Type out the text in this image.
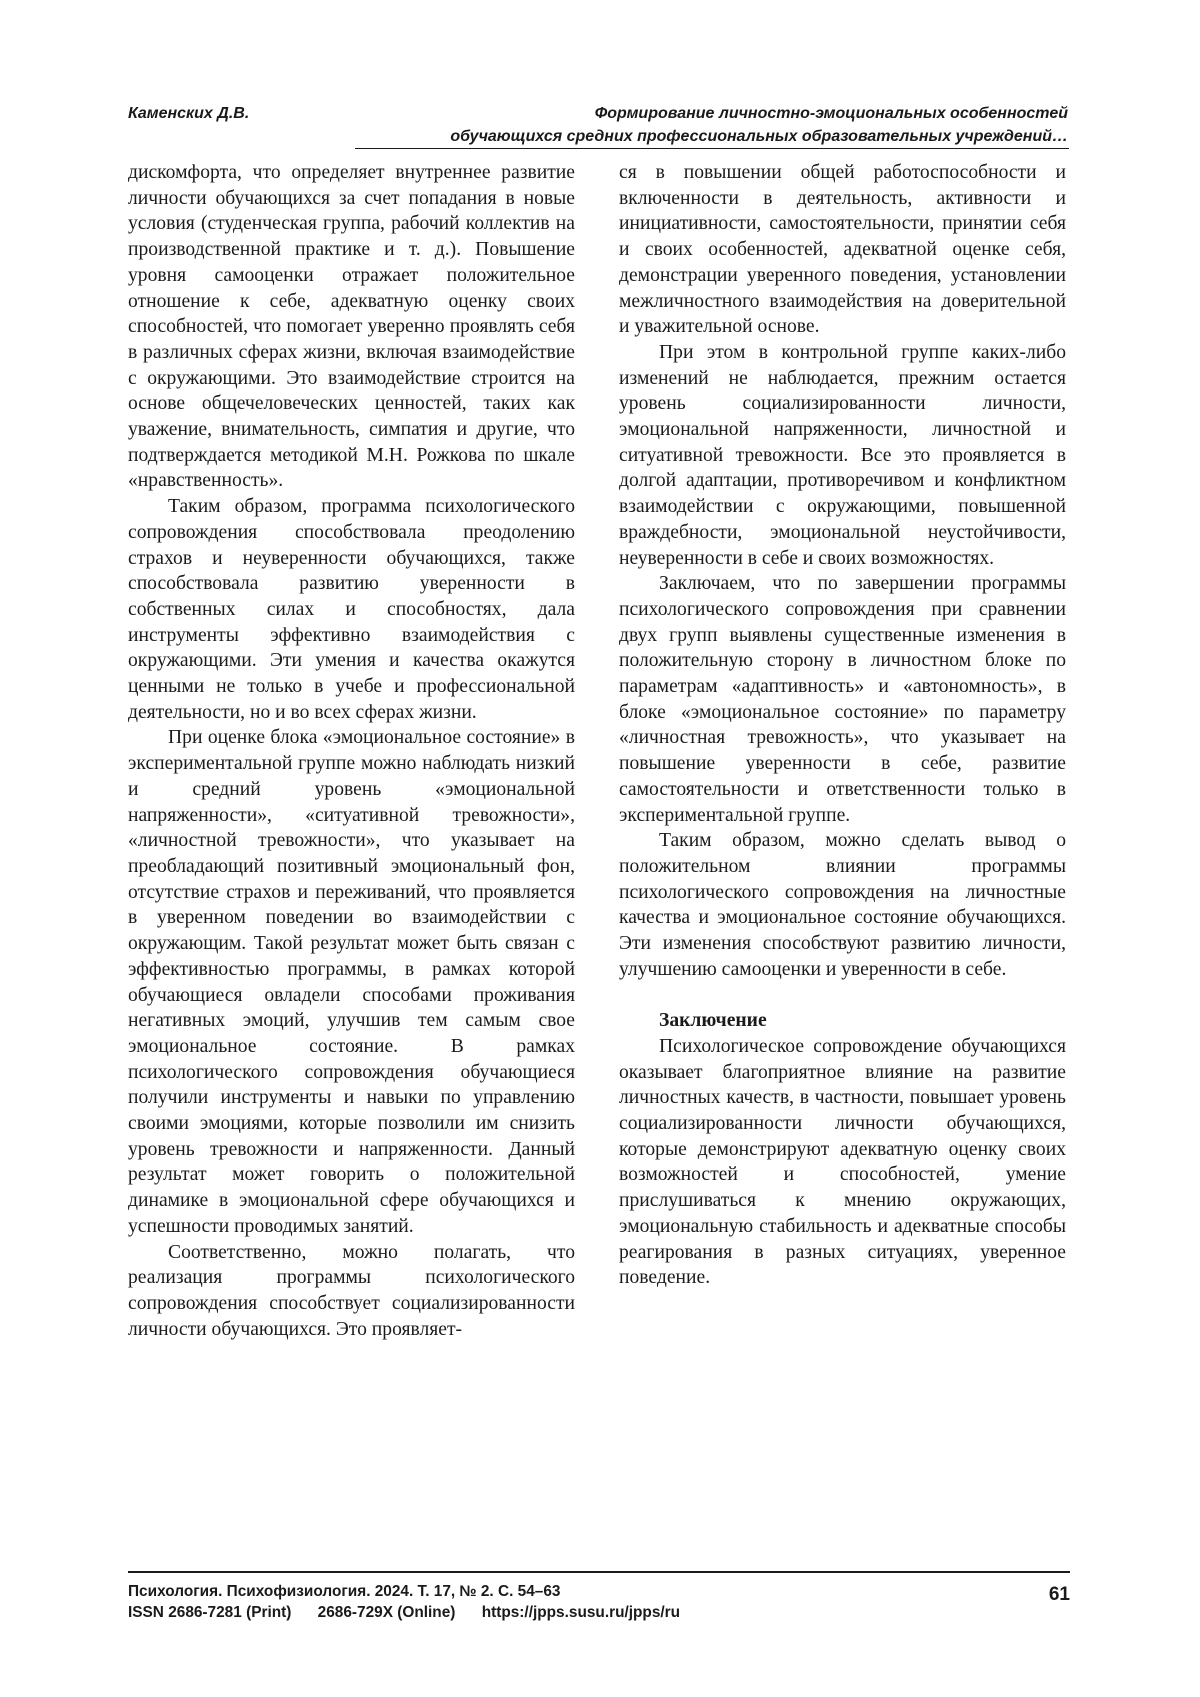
Каменских Д.В.	Формирование личностно-эмоциональных особенностей
обучающихся средних профессиональных образовательных учреждений…

дискомфорта, что определяет внутреннее развитие личности обучающихся за счет попадания в новые условия (студенческая группа, рабочий коллектив на производственной практике и т. д.). Повышение уровня самооценки отражает положительное отношение к себе, адекватную оценку своих способностей, что помогает уверенно проявлять себя в различных сферах жизни, включая взаимодействие с окружающими. Это взаимодействие строится на основе общечеловеческих ценностей, таких как уважение, внимательность, симпатия и другие, что подтверждается методикой М.Н. Рожкова по шкале «нравственность».

Таким образом, программа психологического сопровождения способствовала преодолению страхов и неуверенности обучающихся, также способствовала развитию уверенности в собственных силах и способностях, дала инструменты эффективно взаимодействия с окружающими. Эти умения и качества окажутся ценными не только в учебе и профессиональной деятельности, но и во всех сферах жизни.

При оценке блока «эмоциональное состояние» в экспериментальной группе можно наблюдать низкий и средний уровень «эмоциональной напряженности», «ситуативной тревожности», «личностной тревожности», что указывает на преобладающий позитивный эмоциональный фон, отсутствие страхов и переживаний, что проявляется в уверенном поведении во взаимодействии с окружающим. Такой результат может быть связан с эффективностью программы, в рамках которой обучающиеся овладели способами проживания негативных эмоций, улучшив тем самым свое эмоциональное состояние. В рамках психологического сопровождения обучающиеся получили инструменты и навыки по управлению своими эмоциями, которые позволили им снизить уровень тревожности и напряженности. Данный результат может говорить о положительной динамике в эмоциональной сфере обучающихся и успешности проводимых занятий.

Соответственно, можно полагать, что реализация программы психологического сопровождения способствует социализированности личности обучающихся. Это проявляет-

ся в повышении общей работоспособности и включенности в деятельность, активности и инициативности, самостоятельности, принятии себя и своих особенностей, адекватной оценке себя, демонстрации уверенного поведения, установлении межличностного взаимодействия на доверительной и уважительной основе.

При этом в контрольной группе каких-либо изменений не наблюдается, прежним остается уровень социализированности личности, эмоциональной напряженности, личностной и ситуативной тревожности. Все это проявляется в долгой адаптации, противоречивом и конфликтном взаимодействии с окружающими, повышенной враждебности, эмоциональной неустойчивости, неуверенности в себе и своих возможностях.

Заключаем, что по завершении программы психологического сопровождения при сравнении двух групп выявлены существенные изменения в положительную сторону в личностном блоке по параметрам «адаптивность» и «автономность», в блоке «эмоциональное состояние» по параметру «личностная тревожность», что указывает на повышение уверенности в себе, развитие самостоятельности и ответственности только в экспериментальной группе.

Таким образом, можно сделать вывод о положительном влиянии программы психологического сопровождения на личностные качества и эмоциональное состояние обучающихся. Эти изменения способствуют развитию личности, улучшению самооценки и уверенности в себе.

Заключение

Психологическое сопровождение обучающихся оказывает благоприятное влияние на развитие личностных качеств, в частности, повышает уровень социализированности личности обучающихся, которые демонстрируют адекватную оценку своих возможностей и способностей, умение прислушиваться к мнению окружающих, эмоциональную стабильность и адекватные способы реагирования в разных ситуациях, уверенное поведение.

Психология. Психофизиология. 2024. Т. 17, № 2. С. 54–63
ISSN 2686-7281 (Print) 2686-729X (Online) https://jpps.susu.ru/jpps/ru
61
